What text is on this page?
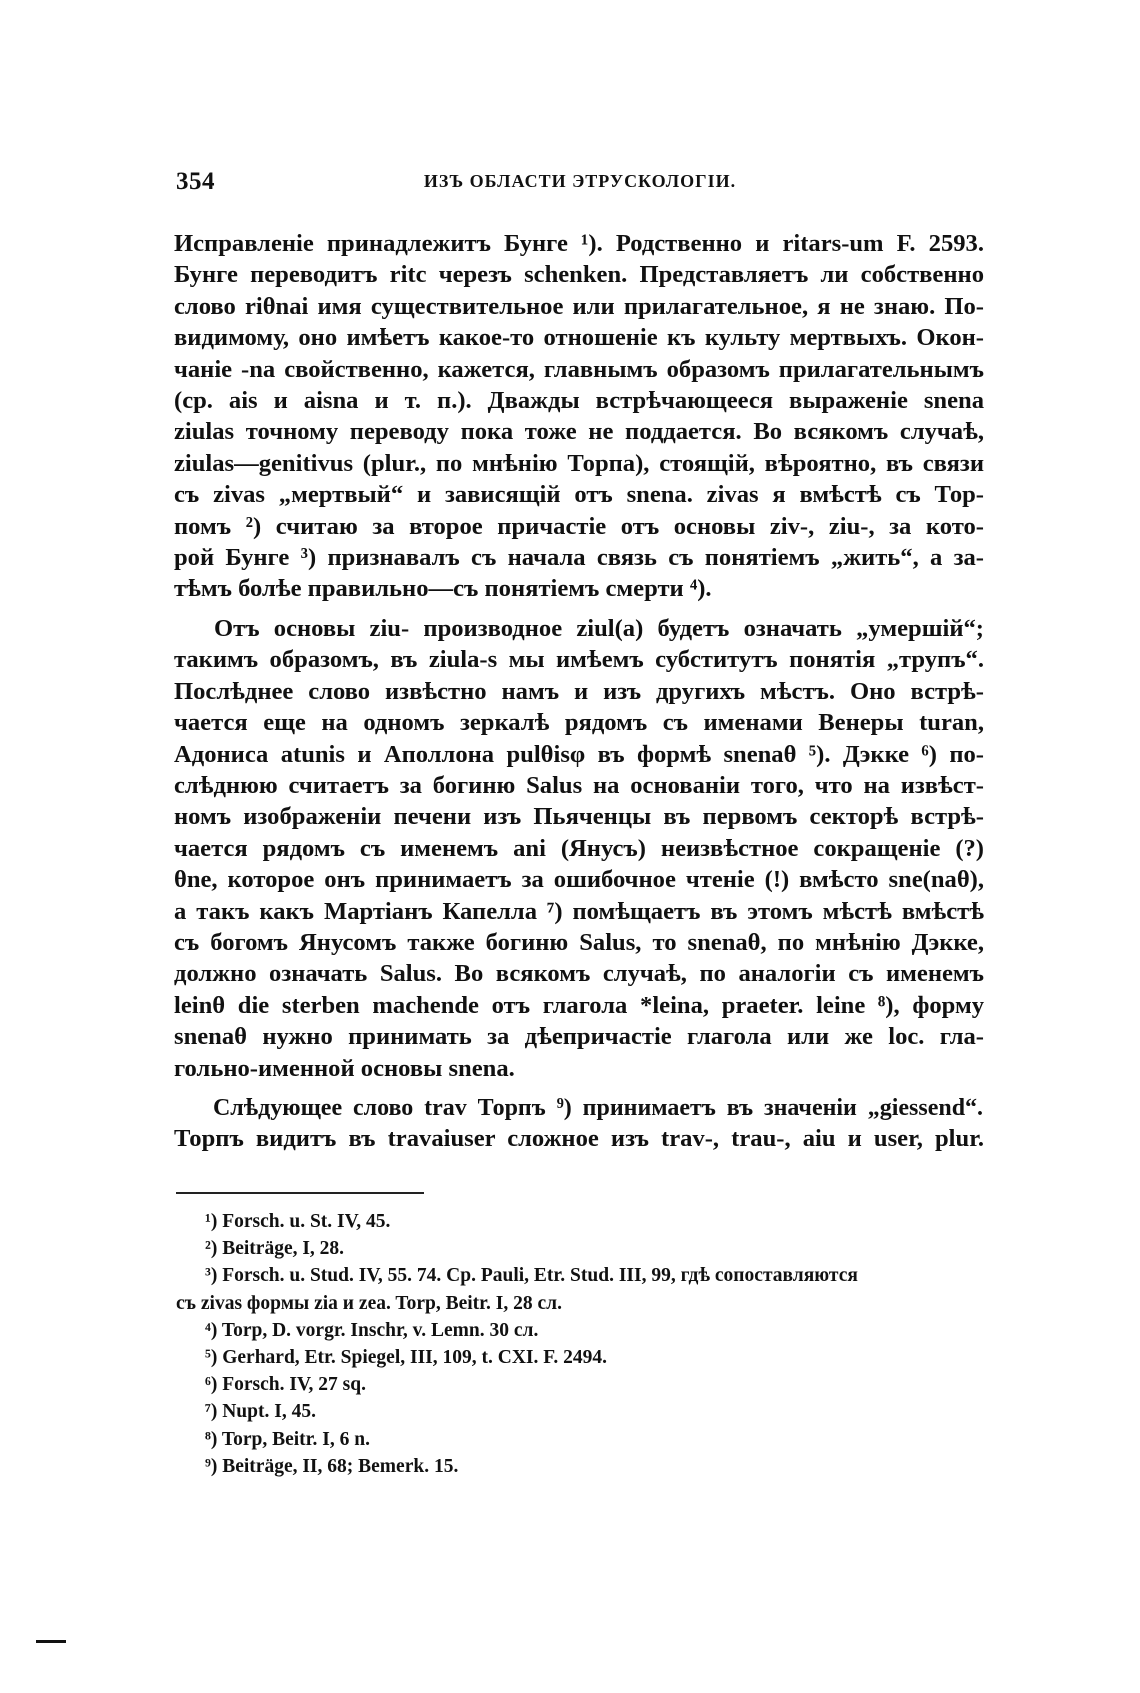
354	ИЗЪ ОБЛАСТИ ЭТРУСКОЛОГІИ.
Исправленіе принадлежитъ Бунге ¹). Родственно и ritars-um F. 2593.
Бунге переводитъ ritc черезъ schenken. Представляетъ ли собственно
слово riθnai имя существительное или прилагательное, я не знаю. По-
видимому, оно имѣетъ какое-то отношеніе къ культу мертвыхъ. Окон-
чаніе -na свойственно, кажется, главнымъ образомъ прилагательнымъ
(ср. ais и aisna и т. п.). Дважды встрѣчающееся выраженіе snena
ziulas точному переводу пока тоже не поддается. Во всякомъ случаѣ,
ziulas—genitivus (plur., по мнѣнію Торпа), стоящій, вѣроятно, въ связи
съ zivas „мертвый“ и зависящій отъ snena. zivas я вмѣстѣ съ Тор-
помъ ²) считаю за второе причастіе отъ основы ziv-, ziu-, за кото-
рой Бунге ³) признавалъ съ начала связь съ понятіемъ „жить“, а за-
тѣмъ болѣе правильно—съ понятіемъ смерти ⁴).
Отъ основы ziu- производное ziul(a) будетъ означать „умершій“;
такимъ образомъ, въ ziula-s мы имѣемъ субститутъ понятія „трупъ“.
Послѣднее слово извѣстно намъ и изъ другихъ мѣстъ. Оно встрѣ-
чается еще на одномъ зеркалѣ рядомъ съ именами Венеры turan,
Адониса atunis и Аполлона pulθisφ въ формѣ snenaθ ⁵). Дэкке ⁶) по-
слѣднюю считаетъ за богиню Salus на основаніи того, что на извѣст-
номъ изображеніи печени изъ Пьяченцы въ первомъ секторѣ встрѣ-
чается рядомъ съ именемъ ani (Янусъ) неизвѣстное сокращеніе (?)
θne, которое онъ принимаетъ за ошибочное чтеніе (!) вмѣсто sne(naθ),
а такъ какъ Мартіанъ Капелла ⁷) помѣщаетъ въ этомъ мѣстѣ вмѣстѣ
съ богомъ Янусомъ также богиню Salus, то snenaθ, по мнѣнію Дэкке,
должно означать Salus. Во всякомъ случаѣ, по аналогіи съ именемъ
leinθ die sterben machende отъ глагола *leina, praeter. leine ⁸), форму
snenaθ нужно принимать за дѣепричастіе глагола или же loc. гла-
гольно-именной основы snena.
Слѣдующее слово trav Торпъ ⁹) принимаетъ въ значеніи „giessend“.
Торпъ видитъ въ travaiuser сложное изъ trav-, trau-, aiu и user, plur.
¹) Forsch. u. St. IV, 45.
²) Beiträge, I, 28.
³) Forsch. u. Stud. IV, 55. 74. Cp. Pauli, Etr. Stud. III, 99, гдѣ сопоставляются
съ zivas формы zia и zea. Torp, Beitr. I, 28 сл.
⁴) Torp, D. vorgr. Inschr, v. Lemn. 30 сл.
⁵) Gerhard, Etr. Spiegel, III, 109, t. CXI. F. 2494.
⁶) Forsch. IV, 27 sq.
⁷) Nupt. I, 45.
⁸) Torp, Beitr. I, 6 n.
⁹) Beiträge, II, 68; Bemerk. 15.
